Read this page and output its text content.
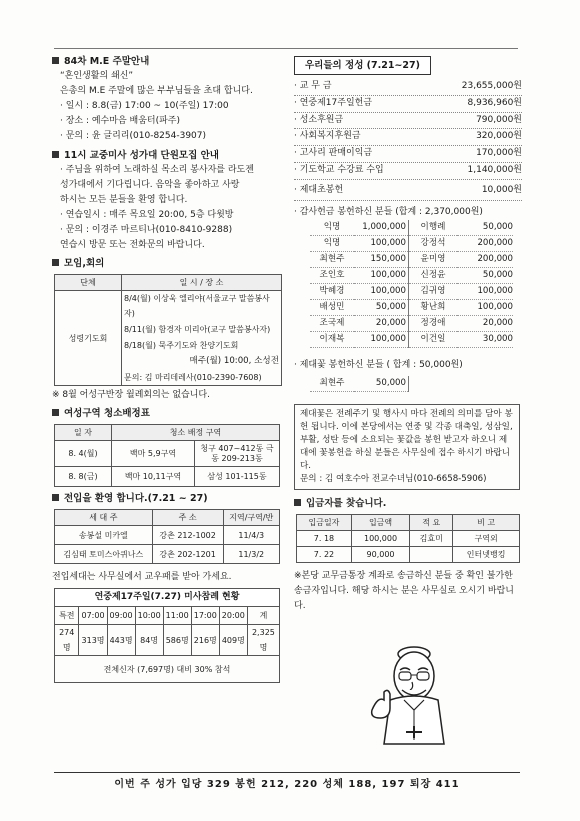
84차 M.E 주말안내
“혼인생활의 쇄신”
은총의 M.E 주말에 많은 부부님들을 초대 합니다.
· 일시 : 8.8(금) 17:00 ~ 10(주일) 17:00
· 장소 : 예수마음 배움터(파주)
· 문의 : 윤 글리리(010-8254-3907)
11시 교중미사 성가대 단원모집 안내
· 주님을 위하여 노래하실 목소리 봉사자를 라도젠
성가대에서 기다립니다. 음악을 좋아하고 사랑
하시는 모든 분들을 환영 합니다.
· 연습일시 : 매주 목요일 20:00, 5층 다윗방
· 문의 : 이경주 마르티나(010-8410-9288)
연습시 방문 또는 전화문의 바랍니다.
모임,회의
단체	일 시 / 장 소
성령기도회	8/4(월) 이상욱 엘리야(서울교구 말씀봉사자)
	8/11(월) 함경자 미리아(교구 말씀봉사자)
	8/18(월) 묵주기도와 찬양기도회
	매주(월) 10:00, 소성전
	문의: 김 마리데레사(010-2390-7608)
※ 8월 어성구반장 월례회의는 없습니다.
여성구역 청소배정표
일 자	청소 배정 구역	
8. 4(월)	백마 5,9구역	청구 407~412동 극동 209-213동
8. 8(금)	백마 10,11구역	삼성 101-115동
전입을 환영 합니다.(7.21 ~ 27)
세 대 주	주 소	지역/구역/반
송봉설 미카엘	강촌 212-1002	11/4/3
김심태 토미스아퀴나스	강촌 202-1201	11/3/2
전입세대는 사무실에서 교우패를 받아 가세요.
연중제17주일(7.27) 미사참례 현황							
특전	07:00	09:00	10:00	11:00	17:00	20:00	계
274명	313명	443명	84명	586명	216명	409명	2,325명
전체신자 (7,697명) 대비 30% 참석							
우리들의 정성 (7.21~27)
· 교 무 금	23,655,000원
· 연중제17주일헌금	8,936,960원
· 성소후원금	790,000원
· 사회복지후원금	320,000원
· 고사리 판매이익금	170,000원
· 기도학교 수강료 수입	1,140,000원
· 제대초봉헌	10,000원
· 감사헌금 봉헌하신 분들 (합계 : 2,370,000원)
익명	1,000,000	이행례	50,000
익명	100,000	강정석	200,000
최현주	150,000	윤미영	200,000
조인호	100,000	신정윤	50,000
박혜경	100,000	김귀영	100,000
배성민	50,000	황난희	100,000
조국제	20,000	정경애	20,000
이재복	100,000	이건일	30,000
· 제대꽃 봉헌하신 분들 ( 합계 : 50,000원)
최현주	50,000
제대꽃은 전례주기 및 행사시 마다 전례의 의미를 담아 봉헌 됩니다. 이에 본당에서는 연중 및 각종 대축일, 성삼일, 부활, 성탄 등에 소요되는 꽃값을 봉헌 받고자 하오니 제대에 꽃봉헌을 하실 분들은 사무실에 접수 하시기 바랍니다.
문의 : 김 여호수아 전교수녀님(010-6658-5906)
입금자를 찾습니다.
입금일자	입금액	적 요	비 고
7. 18	100,000	김효미	구역외
7. 22	90,000		인터넷뱅킹
※본당 교무금통장 계좌로 송금하신 분들 중 확인 불가한 송금자입니다. 해당 하시는 분은 사무실로 오시기 바랍니다.
이번 주 성가 입당 329 봉헌 212, 220 성체 188, 197 퇴장 411
